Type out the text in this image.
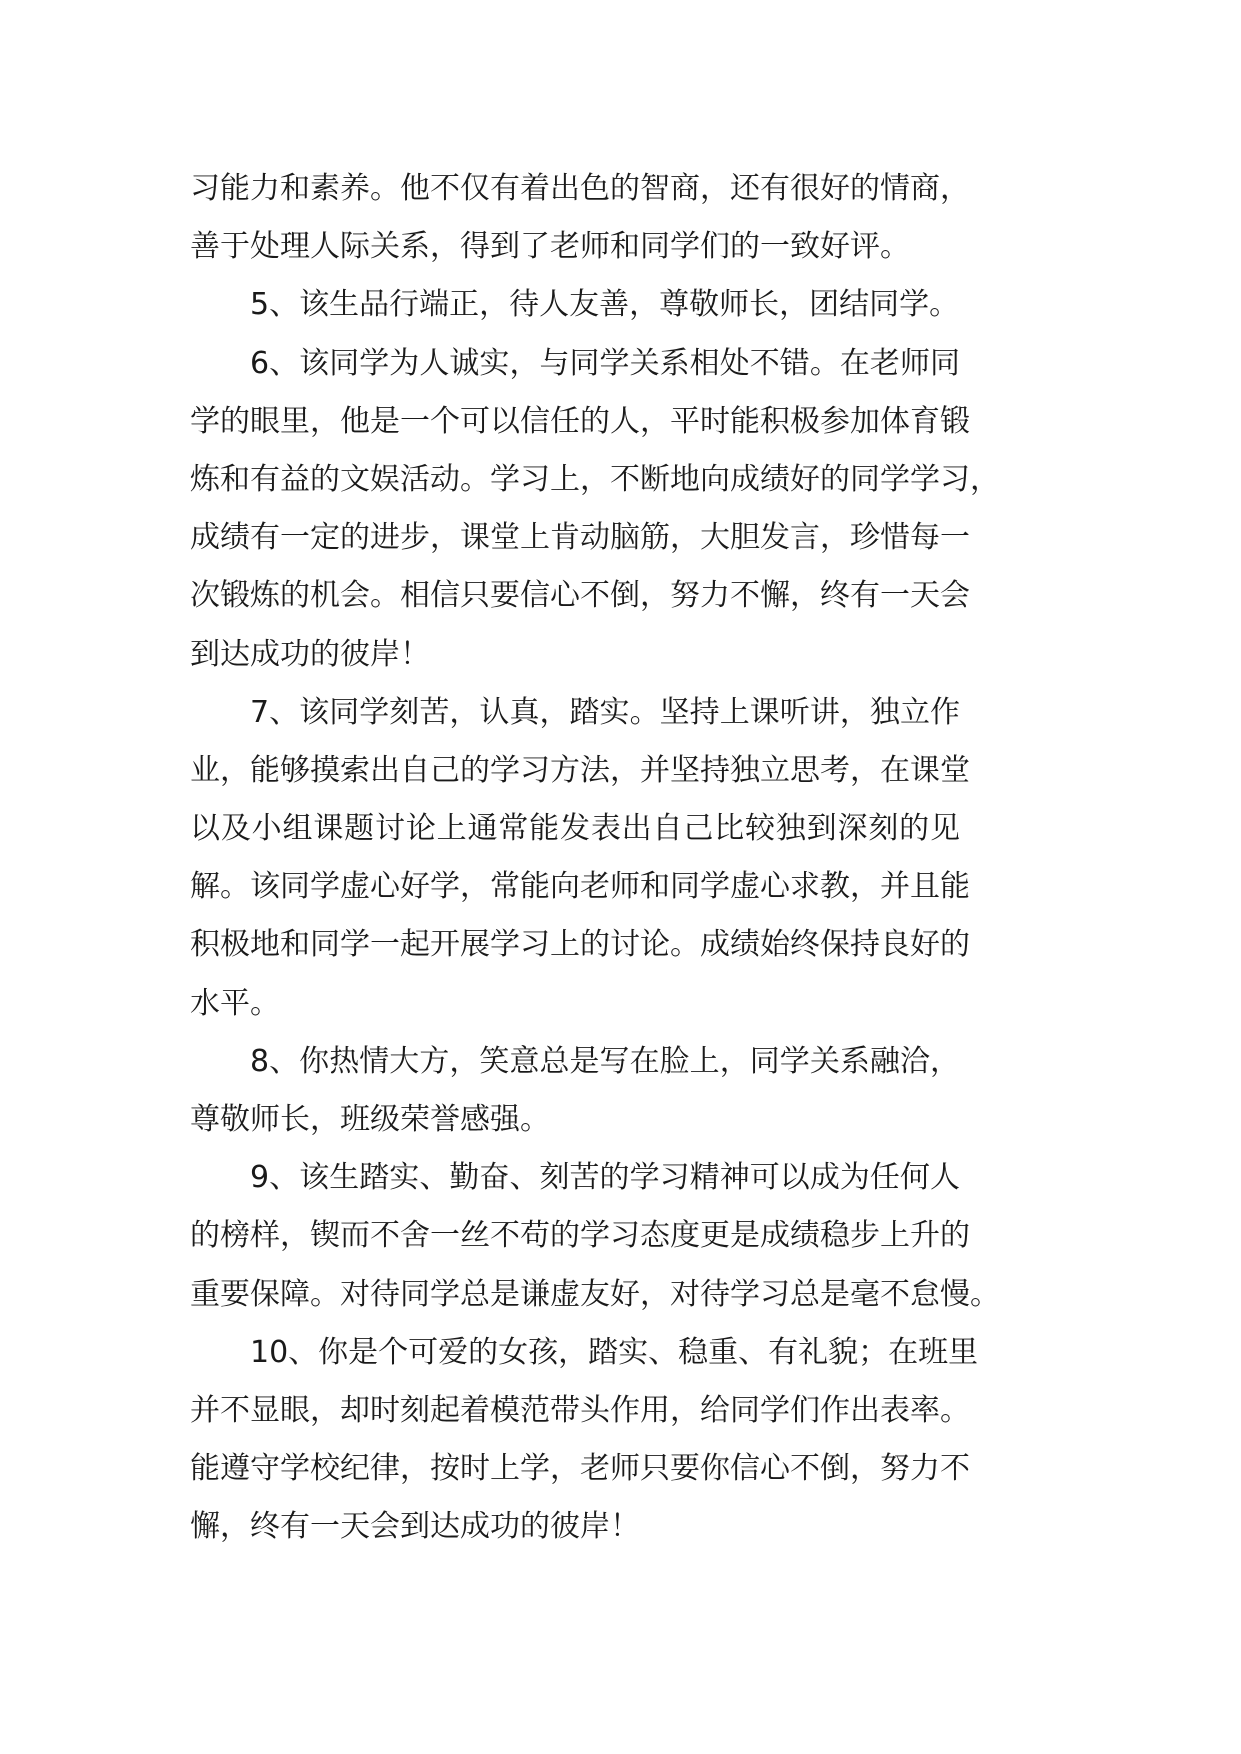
习能力和素养。他不仅有着出色的智商，还有很好的情商，
善于处理人际关系，得到了老师和同学们的一致好评。
5、该生品行端正，待人友善，尊敬师长，团结同学。
6、该同学为人诚实，与同学关系相处不错。在老师同
学的眼里，他是一个可以信任的人，平时能积极参加体育锻
炼和有益的文娱活动。学习上，不断地向成绩好的同学学习，
成绩有一定的进步，课堂上肯动脑筋，大胆发言，珍惜每一
次锻炼的机会。相信只要信心不倒，努力不懈，终有一天会
到达成功的彼岸！
7、该同学刻苦，认真，踏实。坚持上课听讲，独立作
业，能够摸索出自己的学习方法，并坚持独立思考，在课堂
以及小组课题讨论上通常能发表出自己比较独到深刻的见
解。该同学虚心好学，常能向老师和同学虚心求教，并且能
积极地和同学一起开展学习上的讨论。成绩始终保持良好的
水平。
8、你热情大方，笑意总是写在脸上，同学关系融洽，
尊敬师长，班级荣誉感强。
9、该生踏实、勤奋、刻苦的学习精神可以成为任何人
的榜样，锲而不舍一丝不苟的学习态度更是成绩稳步上升的
重要保障。对待同学总是谦虚友好，对待学习总是毫不怠慢。
10、你是个可爱的女孩，踏实、稳重、有礼貌；在班里
并不显眼，却时刻起着模范带头作用，给同学们作出表率。
能遵守学校纪律，按时上学，老师只要你信心不倒，努力不
懈，终有一天会到达成功的彼岸！
